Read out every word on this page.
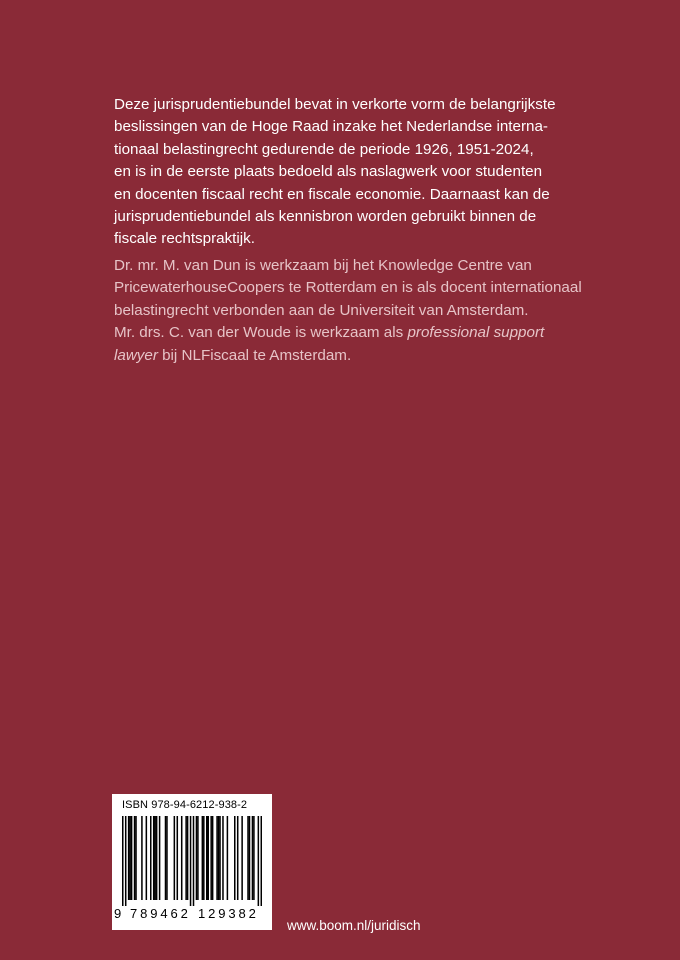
Deze jurisprudentiebundel bevat in verkorte vorm de belangrijkste
beslissingen van de Hoge Raad inzake het Nederlandse interna-
tionaal belastingrecht gedurende de periode 1926, 1951-2024,
en is in de eerste plaats bedoeld als naslagwerk voor studenten
en docenten fiscaal recht en fiscale economie. Daarnaast kan de
jurisprudentiebundel als kennisbron worden gebruikt binnen de
fiscale rechtspraktijk.

Dr. mr. M. van Dun is werkzaam bij het Knowledge Centre van
PricewaterhouseCoopers te Rotterdam en is als docent internationaal
belastingrecht verbonden aan de Universiteit van Amsterdam.
Mr. drs. C. van der Woude is werkzaam als professional support
lawyer bij NLFiscaal te Amsterdam.

ISBN 978-94-6212-938-2
9 789462 129382
www.boom.nl/juridisch
